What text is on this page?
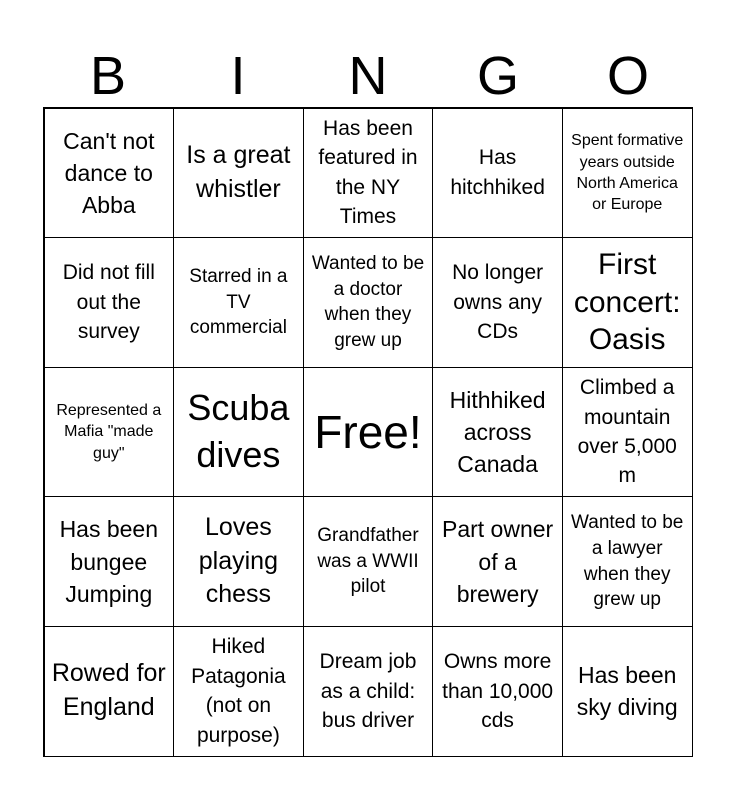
B	I	N	G	O
Can't not dance to Abba
Is a great whistler
Has been featured in the NY Times
Has hitchhiked
Spent formative years outside North America or Europe
Did not fill out the survey
Starred in a TV commercial
Wanted to be a doctor when they grew up
No longer owns any CDs
First concert: Oasis
Represented a Mafia "made guy"
Scuba dives Free!
Hithhiked across Canada
Climbed a mountain over 5,000 m
Has been bungee Jumping
Loves playing chess
Grandfather was a WWII pilot
Part owner of a brewery
Wanted to be a lawyer when they grew up
Rowed for England
Hiked Patagonia (not on purpose)
Dream job as a child: bus driver
Owns more than 10,000 cds
Has been sky diving
